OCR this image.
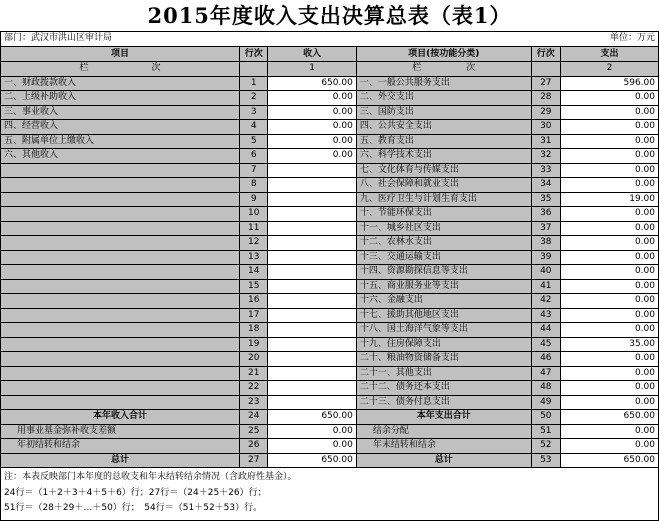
2015年度收入支出决算总表（表1）
部门：武汉市洪山区审计局	单位：万元
项目	行次	收入	项目(按功能分类)	行次	支出
栏　　　　　　　次		1	栏　　　　　次		2
一、财政拨款收入	1	650.00	一、一般公共服务支出	27	596.00
二、上级补助收入	2	0.00	二、外交支出	28	0.00
三、事业收入	3	0.00	三、国防支出	29	0.00
四、经营收入	4	0.00	四、公共安全支出	30	0.00
五、附属单位上缴收入	5	0.00	五、教育支出	31	0.00
六、其他收入	6	0.00	六、科学技术支出	32	0.00
	7		七、文化体育与传媒支出	33	0.00
	8		八、社会保障和就业支出	34	0.00
	9		九、医疗卫生与计划生育支出	35	19.00
	10		十、节能环保支出	36	0.00
	11		十一、城乡社区支出	37	0.00
	12		十二、农林水支出	38	0.00
	13		十三、交通运输支出	39	0.00
	14		十四、资源勘探信息等支出	40	0.00
	15		十五、商业服务业等支出	41	0.00
	16		十六、金融支出	42	0.00
	17		十七、援助其他地区支出	43	0.00
	18		十八、国土海洋气象等支出	44	0.00
	19		十九、住房保障支出	45	35.00
	20		二十、粮油物资储备支出	46	0.00
	21		二十一、其他支出	47	0.00
	22		二十二、债务还本支出	48	0.00
	23		二十三、债务付息支出	49	0.00
本年收入合计	24	650.00	本年支出合计	50	650.00
用事业基金弥补收支差额	25	0.00	结余分配	51	0.00
年初结转和结余	26	0.00	年末结转和结余	52	0.00
总计	27	650.00	总计	53	650.00
注：本表反映部门本年度的总收支和年末结转结余情况（含政府性基金）。
24行＝（1＋2＋3＋4＋5＋6）行；27行＝（24＋25＋26）行；
51行＝（28＋29＋…＋50）行；　54行＝（51＋52＋53）行。
